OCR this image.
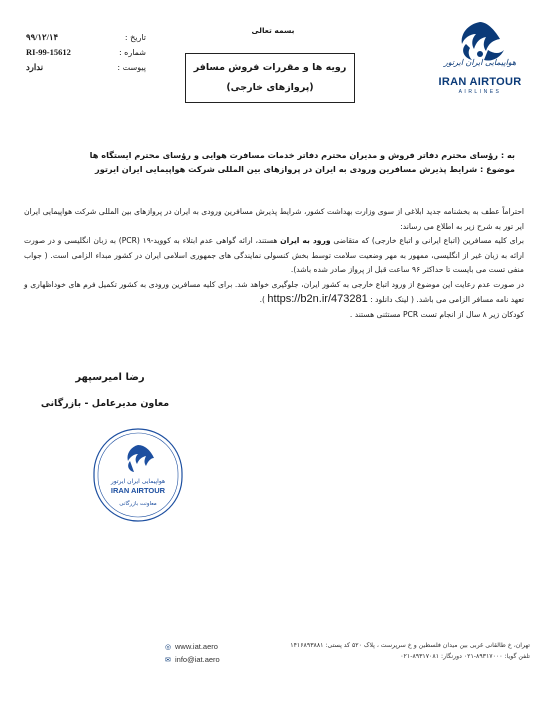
هواپیمایی ایران ایرتور
IRAN AIRTOUR
AIRLINES
بسمه تعالی
۹۹/۱۲/۱۴	تاریخ :
RI-99-15612	شماره :
ندارد	پیوست :	رویه ها و مقررات فروش مسافر
(پروازهای خارجی)
به : رؤسای محترم دفاتر فروش و مدیران محترم دفاتر خدمات مسافرت هوایی و رؤسای محترم ایستگاه ها
موضوع : شرایط پذیرش مسافرین ورودی به ایران در پروازهای بین المللی شرکت هواپیمایی ایران ایرتور

احتراماً عطف به بخشنامه جدید ابلاغی از سوی وزارت بهداشت کشور، شرایط پذیرش مسافرین ورودی به ایران در پروازهای بین المللی شرکت هواپیمایی ایران ایر تور به شرح زیر به اطلاع می رساند:

برای کلیه مسافرین (اتباع ایرانی و اتباع خارجی) که متقاضی ورود به ایران هستند، ارائه گواهی عدم ابتلاء به کووید-۱۹ (PCR) به زبان انگلیسی و در صورت ارائه به زبان غیر از انگلیسی، ممهور به مهر وضعیت سلامت توسط بخش کنسولی نمایندگی های جمهوری اسلامی ایران در کشور مبداء الزامی است. ( جواب منفی تست می بایست تا حداکثر ۹۶ ساعت قبل از پرواز صادر شده باشد).

در صورت عدم رعایت این موضوع از ورود اتباع خارجی به کشور ایران، جلوگیری خواهد شد. برای کلیه مسافرین ورودی به کشور تکمیل فرم های خوداظهاری و تعهد نامه مسافر الزامی می باشد. ( لینک دانلود : https://b2n.ir/473281 ).

کودکان زیر ۸ سال از انجام تست PCR مستثنی هستند .

رضا امیرسپهر
معاون مدیرعامل - بازرگانی
هواپیمایی ایران ایرتور
IRAN AIRTOUR
معاونت بازرگانی
تهران، خ طالقانی غربی بین میدان فلسطین و خ سرپرست ، پلاک ۵۲۰ کد پستی: ۱۴۱۶۸۹۳۸۸۱
تلفن گویا: ۸۹۳۱۷۰۰۰-۰۲۱ دورنگار: ۸۹۳۱۷۰۸۱-۰۲۱
◎ www.iat.aero
✉ info@iat.aero
